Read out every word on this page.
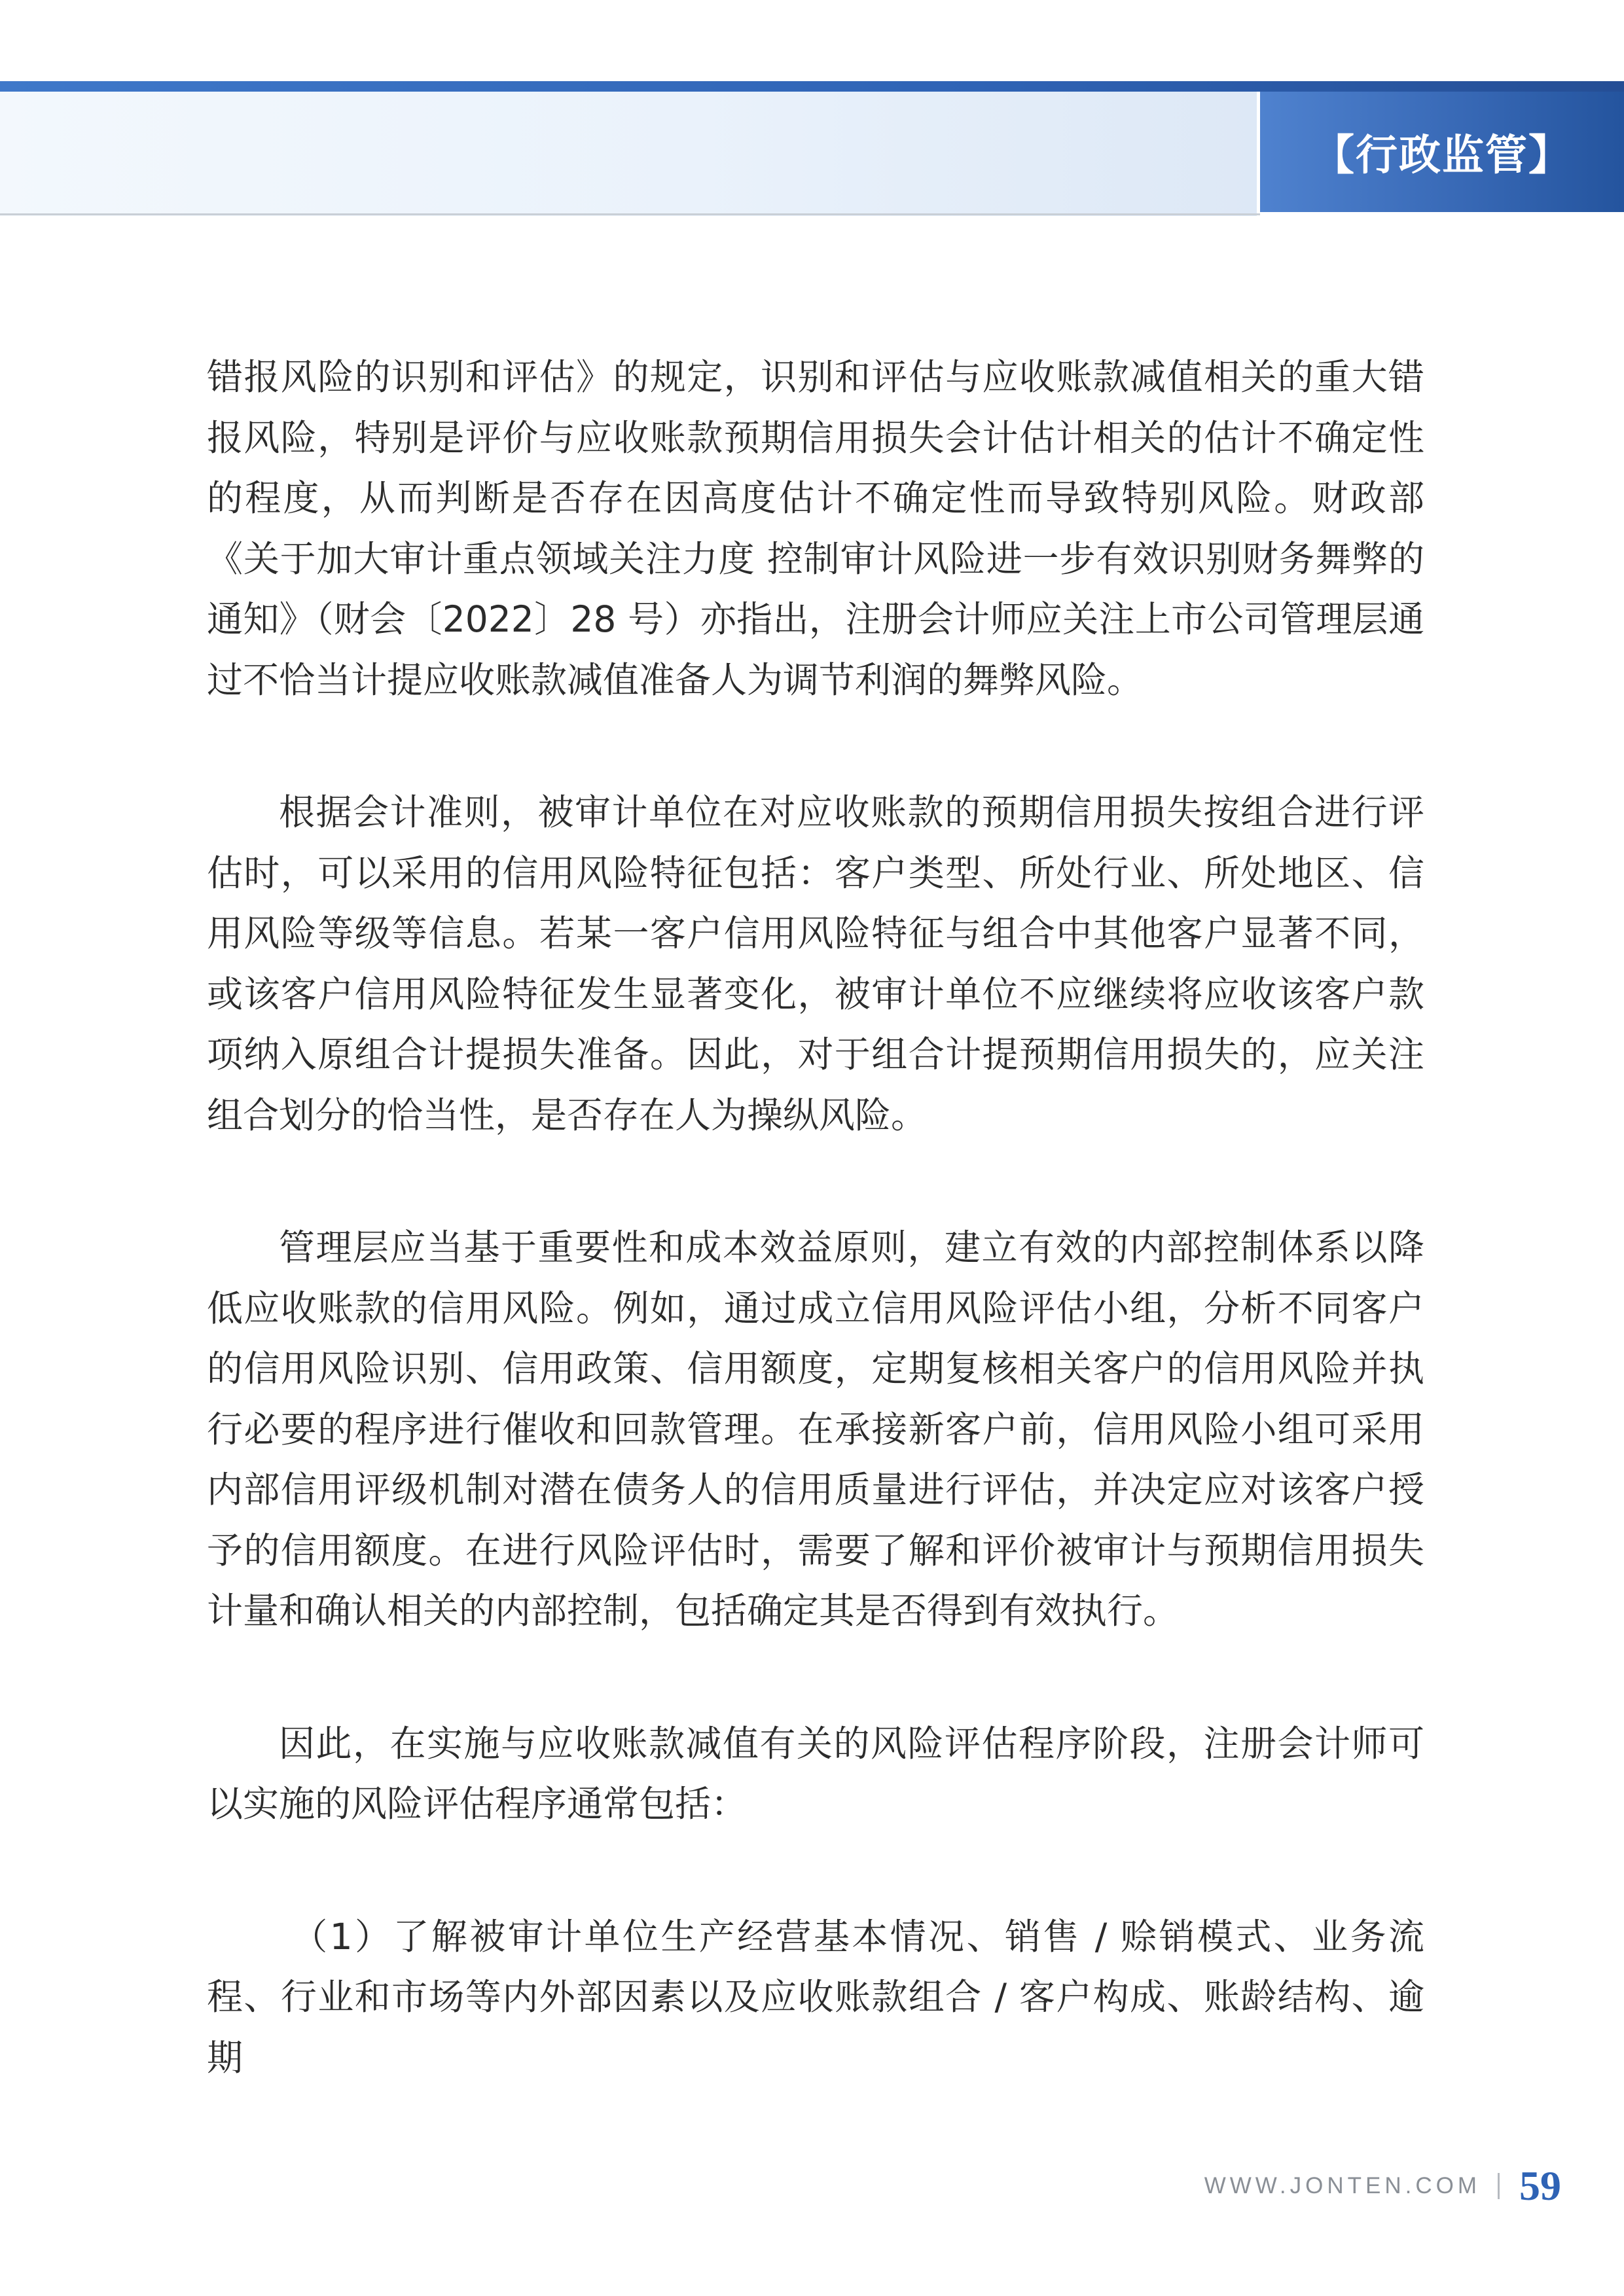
【行政监管】

错报风险的识别和评估》的规定，识别和评估与应收账款减值相关的重大错报风险，特别是评价与应收账款预期信用损失会计估计相关的估计不确定性的程度，从而判断是否存在因高度估计不确定性而导致特别风险。财政部《关于加大审计重点领域关注力度 控制审计风险进一步有效识别财务舞弊的通知》（财会〔2022〕28 号）亦指出，注册会计师应关注上市公司管理层通过不恰当计提应收账款减值准备人为调节利润的舞弊风险。

根据会计准则，被审计单位在对应收账款的预期信用损失按组合进行评估时，可以采用的信用风险特征包括：客户类型、所处行业、所处地区、信用风险等级等信息。若某一客户信用风险特征与组合中其他客户显著不同，或该客户信用风险特征发生显著变化，被审计单位不应继续将应收该客户款项纳入原组合计提损失准备。因此，对于组合计提预期信用损失的，应关注组合划分的恰当性，是否存在人为操纵风险。

管理层应当基于重要性和成本效益原则，建立有效的内部控制体系以降低应收账款的信用风险。例如，通过成立信用风险评估小组，分析不同客户的信用风险识别、信用政策、信用额度，定期复核相关客户的信用风险并执行必要的程序进行催收和回款管理。在承接新客户前，信用风险小组可采用内部信用评级机制对潜在债务人的信用质量进行评估，并决定应对该客户授予的信用额度。在进行风险评估时，需要了解和评价被审计与预期信用损失计量和确认相关的内部控制，包括确定其是否得到有效执行。

因此，在实施与应收账款减值有关的风险评估程序阶段，注册会计师可以实施的风险评估程序通常包括：

（1）了解被审计单位生产经营基本情况、销售 / 赊销模式、业务流程、行业和市场等内外部因素以及应收账款组合 / 客户构成、账龄结构、逾期

WWW.JONTEN.COM 59
